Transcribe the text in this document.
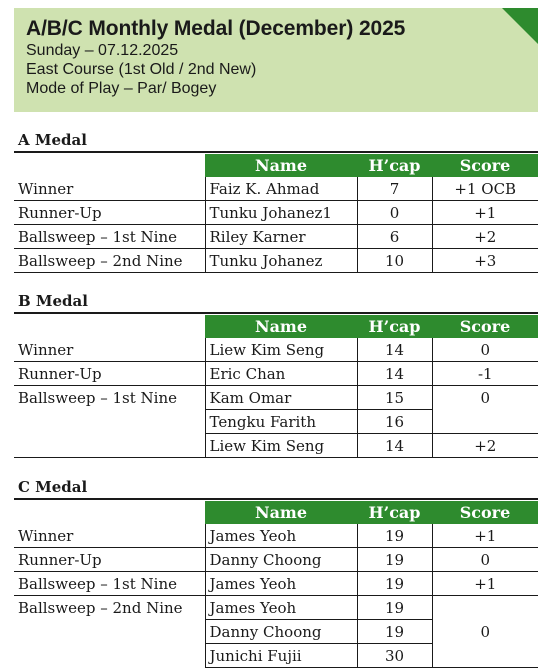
A/B/C Monthly Medal (December) 2025
Sunday – 07.12.2025
East Course (1st Old / 2nd New)
Mode of Play – Par/ Bogey
A Medal
	Name	H’cap	Score
Winner	Faiz K. Ahmad	7	+1 OCB
Runner-Up	Tunku Johanez1	0	+1
Ballsweep – 1st Nine	Riley Karner	6	+2
Ballsweep – 2nd Nine	Tunku Johanez	10	+3
B Medal
	Name	H’cap	Score
Winner	Liew Kim Seng	14	0
Runner-Up	Eric Chan	14	-1
Ballsweep – 1st Nine	Kam Omar	15	0
	Tengku Farith	16	
	Liew Kim Seng	14	+2
C Medal
	Name	H’cap	Score
Winner	James Yeoh	19	+1
Runner-Up	Danny Choong	19	0
Ballsweep – 1st Nine	James Yeoh	19	+1
Ballsweep – 2nd Nine	James Yeoh	19	
	Danny Choong	19	0
	Junichi Fujii	30	
